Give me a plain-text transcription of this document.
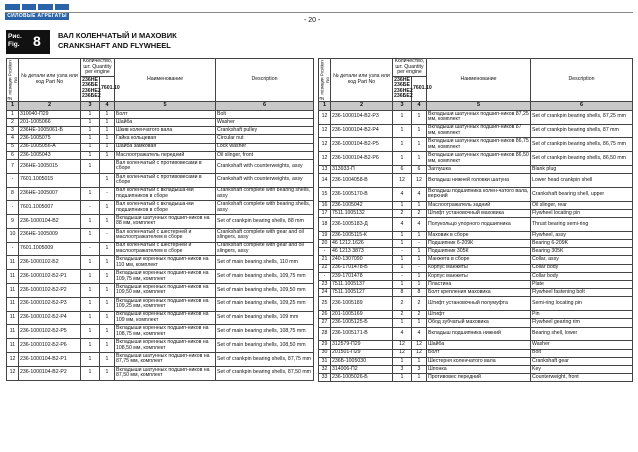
СИЛОВЫЕ АГРЕГАТЫ
- 20 -
Рис.
Fig. 8 ВАЛ КОЛЕНЧАТЫЙ И МАХОВИК
CRANKSHAFT AND FLYWHEEL
№ позиции Position No	№ детали или узла или код Part No	Количество, шт. Quantity per engine		Наименование	Description
		236НЕ 236БЕ 236НЕ2 236БЕ2	7601.10		
1	2	3	4	5	6
1	310040-П29	1	1	Болт	Bolt
2	201-1005066	1	1	Шайба	Washer
3	236НЕ-1005061-Б	1	1	Шкив коленчатого вала	Crankshaft pulley
4	236-1005075	1	1	Гайка кольцевая	Circular nut
5	236-1005056-А	1	1	Шайба замковая	Lock washer
6	236-1005043	1	1	Маслоотражатель передний	Oil slinger, front
7	236НЕ-1005015	1		Вал коленчатый с противовесами в сборе	Crankshaft with counterweights, assy
-	7601.1005015		1	Вал коленчатый с противовесами в сборе	Crankshaft with counterweights, assy
8	236НЕ-1005007	1	-	Вал коленчатый с вкладыша-ми подшипников в сборе	Crankshaft complete with bearing shells, assy
-	7601.1005007	-	1	Вал коленчатый с вкладыша-ми подшипников в сборе	Crankshaft complete with bearing shells, assy
9	236-1000104-В2	1	1	Вкладыши шатунных подшип-ников на 88 мм, комплект	Set of crankpin bearing shells, 88 mm
10	236НЕ-1005009	1	-	Вал коленчатый с шестерней и маслоотражателем в сборе	Crankshaft complete with gear and oil slingers, assy
-	7601.1005009	-	1	Вал коленчатый с шестерней и маслоотражателем в сборе	Crankshaft complete with gear and oil slingers, assy
11	236-1000102-Б2	1	1	Вкладыши коренных подшип-ников на 110 мм, комплект	Set of main bearing shells, 110 mm
11	236-1000102-Б2-Р1	1	1	Вкладыши коренных подшип-ников на 109,75 мм, комплект	Set of main bearing shells, 109,75 mm
11	236-1000102-Б2-Р2	1	1	Вкладыши коренных подшип-ников на 109,50 мм, комплект	Set of main bearing shells, 109,50 mm
11	236-1000102-Б2-Р3	1	1	Вкладыши коренных подшип-ников на 109,25 мм, комплект	Set of main bearing shells, 109,25 mm
11	236-1000102-Б2-Р4	1	1	Вкладыши коренных подшип-ников на 109 мм, комплект	Set of main bearing shells, 109 mm
11	236-1000102-Б2-Р5	1	1	Вкладыши коренных подшип-ников на 108,75 мм, комплект	Set of main bearing shells, 108,75 mm
11	236-1000102-Б2-Р6	1	1	Вкладыши коренных подшип-ников на 108,50 мм, комплект	Set of main bearing shells, 108,50 mm
12	236-1000104-В2-Р1	1	1	Вкладыши шатунных подшип-ников на 87,75 мм, комплект	Set of crankpin bearing shells, 87,75 mm
12	236-1000104-В2-Р2	1	1	Вкладыши шатунных подшип-ников на 87,50 мм, комплект	Set of crankpin bearing shells, 87,50 mm
№ позиции Position No	№ детали или узла или код Part No	Количество, шт. Quantity per engine		Наименование	Description
		236НЕ 236БЕ 236НЕ2 236БЕ2	7601.10		
1	2	3	4	5	6
12	236-1000104-В2-Р3	1	1	Вкладыши шатунных подшип-ников 87,25 мм, комплект	Set of crankpin bearing shells, 87,25 mm
12	236-1000104-В2-Р4	1	1	Вкладыши шатунных подшип-ников 87 мм, комплект	Set of crankpin bearing shells, 87 mm
12	236-1000104-В2-Р5	1	1	Вкладыши шатунных подшип-ников 86,75 мм, комплект	Set of crankpin bearing shells, 86,75 mm
12	236-1000104-В2-Р6	1	1	Вкладыши шатунных подшип-ников 86,50 мм, комплект	Set of crankpin bearing shells, 86,50 mm
13	313933-П	6	6	Заглушка	Blank plug
14	236-1004058-В	12	12	Вкладыш нижней головки шатуна	Lower head crankpin shell
15	236-1005170-В	4	4	Вкладыш подшипника колен-чатого вала, верхний	Crankshaft bearing shell, upper
16	236-1005042	1	1	Маслоотражатель задний	Oil slinger, rear
17	7511.1005132	2	2	Штифт установочный маховика	Flywheel locating pin
18	236-1005183-Д	4	4	Полукольцо упорного подшипника	Thrust bearing semi-ring
19	236-1005115-К	1	1	Маховик в сборе	Flywheel, assy
20	46 1212.1626	1	-	Подшипник 6-209К	Bearing 6-209K
-	46 1213 3873	-	1	Подшипник 305К	Bearing 305K
21	240-1307090	1	1	Манжета в сборе	Collar, assy
22	236-1701478-Б	1	-	Корпус манжеты	Collar body
-	239-1701478	-	1	Корпус манжеты	Collar body
23	7511.1005137	1	1	Пластина	Plate
24	7511.1005127	8	8	Болт крепления маховика	Flywheel fastening bolt
25	236-1005189	2	2	Штифт установочный полумуфта	Semi-ring locating pin
26	201-1005169	2	2	Штифт	Pin
27	236-1005125-Б	1	1	Обод зубчатый маховика	Flywheel gearing rim
28	236-1005171-В	4	4	Вкладыш подшипника нижний	Bearing shell, lower
29	312579-П29	12	12	Шайба	Washer
30	201501-П29	12	12	Болт	Bolt
31	236Б-1005030	1	1	Шестерня коленчатого вала	Crankshaft gear
32	314006-П2	3	3	Шпонка	Key
33	236-1005026-Б	1	1	Противовес передний	Counterweight, front
